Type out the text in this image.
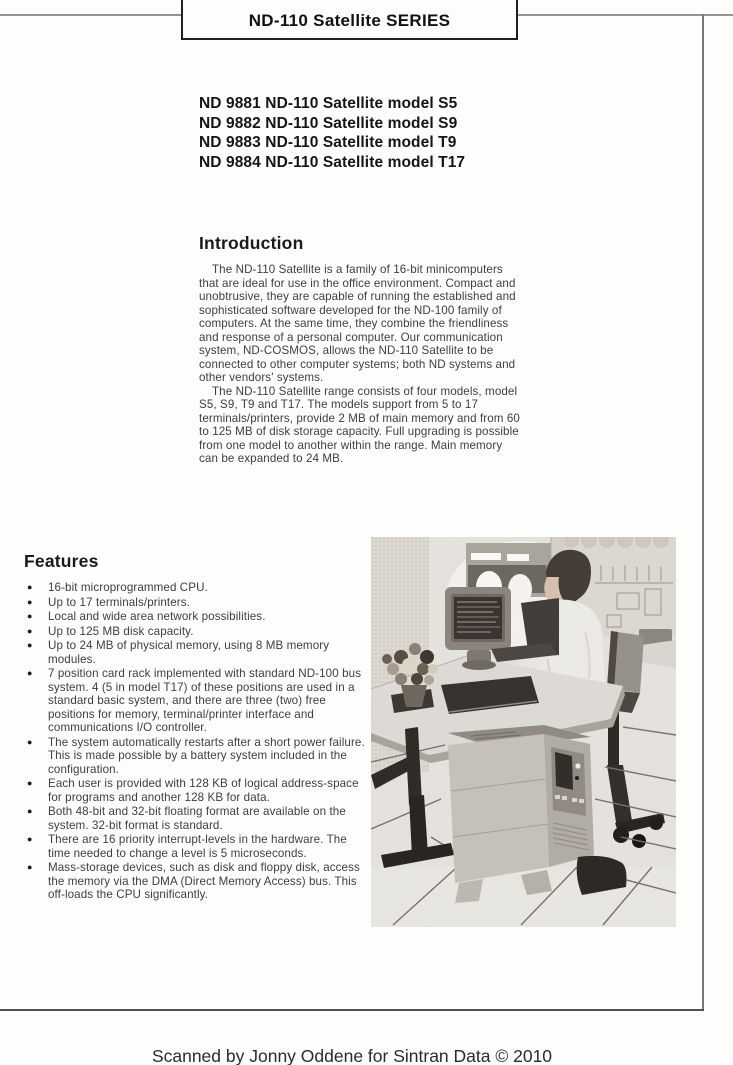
ND-110 Satellite SERIES
ND 9881 ND-110 Satellite model S5
ND 9882 ND-110 Satellite model S9
ND 9883 ND-110 Satellite model T9
ND 9884 ND-110 Satellite model T17
Introduction

The ND-110 Satellite is a family of 16-bit minicomputers that are ideal for use in the office environment. Compact and unobtrusive, they are capable of running the established and sophisticated software developed for the ND-100 family of computers. At the same time, they combine the friendliness and response of a personal computer. Our communication system, ND-COSMOS, allows the ND-110 Satellite to be connected to other computer systems; both ND systems and other vendors' systems.

The ND-110 Satellite range consists of four models, model S5, S9, T9 and T17. The models support from 5 to 17 terminals/printers, provide 2 MB of main memory and from 60 to 125 MB of disk storage capacity. Full upgrading is possible from one model to another within the range. Main memory can be expanded to 24 MB.

Features
●	16-bit microprogrammed CPU.
●	Up to 17 terminals/printers.
●	Local and wide area network possibilities.
●	Up to 125 MB disk capacity.
●	Up to 24 MB of physical memory, using 8 MB memory modules.
●	7 position card rack implemented with standard ND-100 bus system. 4 (5 in model T17) of these positions are used in a standard basic system, and there are three (two) free positions for memory, terminal/printer interface and communications I/O controller.
●	The system automatically restarts after a short power failure. This is made possible by a battery system included in the configuration.
●	Each user is provided with 128 KB of logical address-space for programs and another 128 KB for data.
●	Both 48-bit and 32-bit floating format are available on the system. 32-bit format is standard.
●	There are 16 priority interrupt-levels in the hardware. The time needed to change a level is 5 microseconds.
●	Mass-storage devices, such as disk and floppy disk, access the memory via the DMA (Direct Memory Access) bus. This off-loads the CPU significantly.
Scanned by Jonny Oddene for Sintran Data © 2010
